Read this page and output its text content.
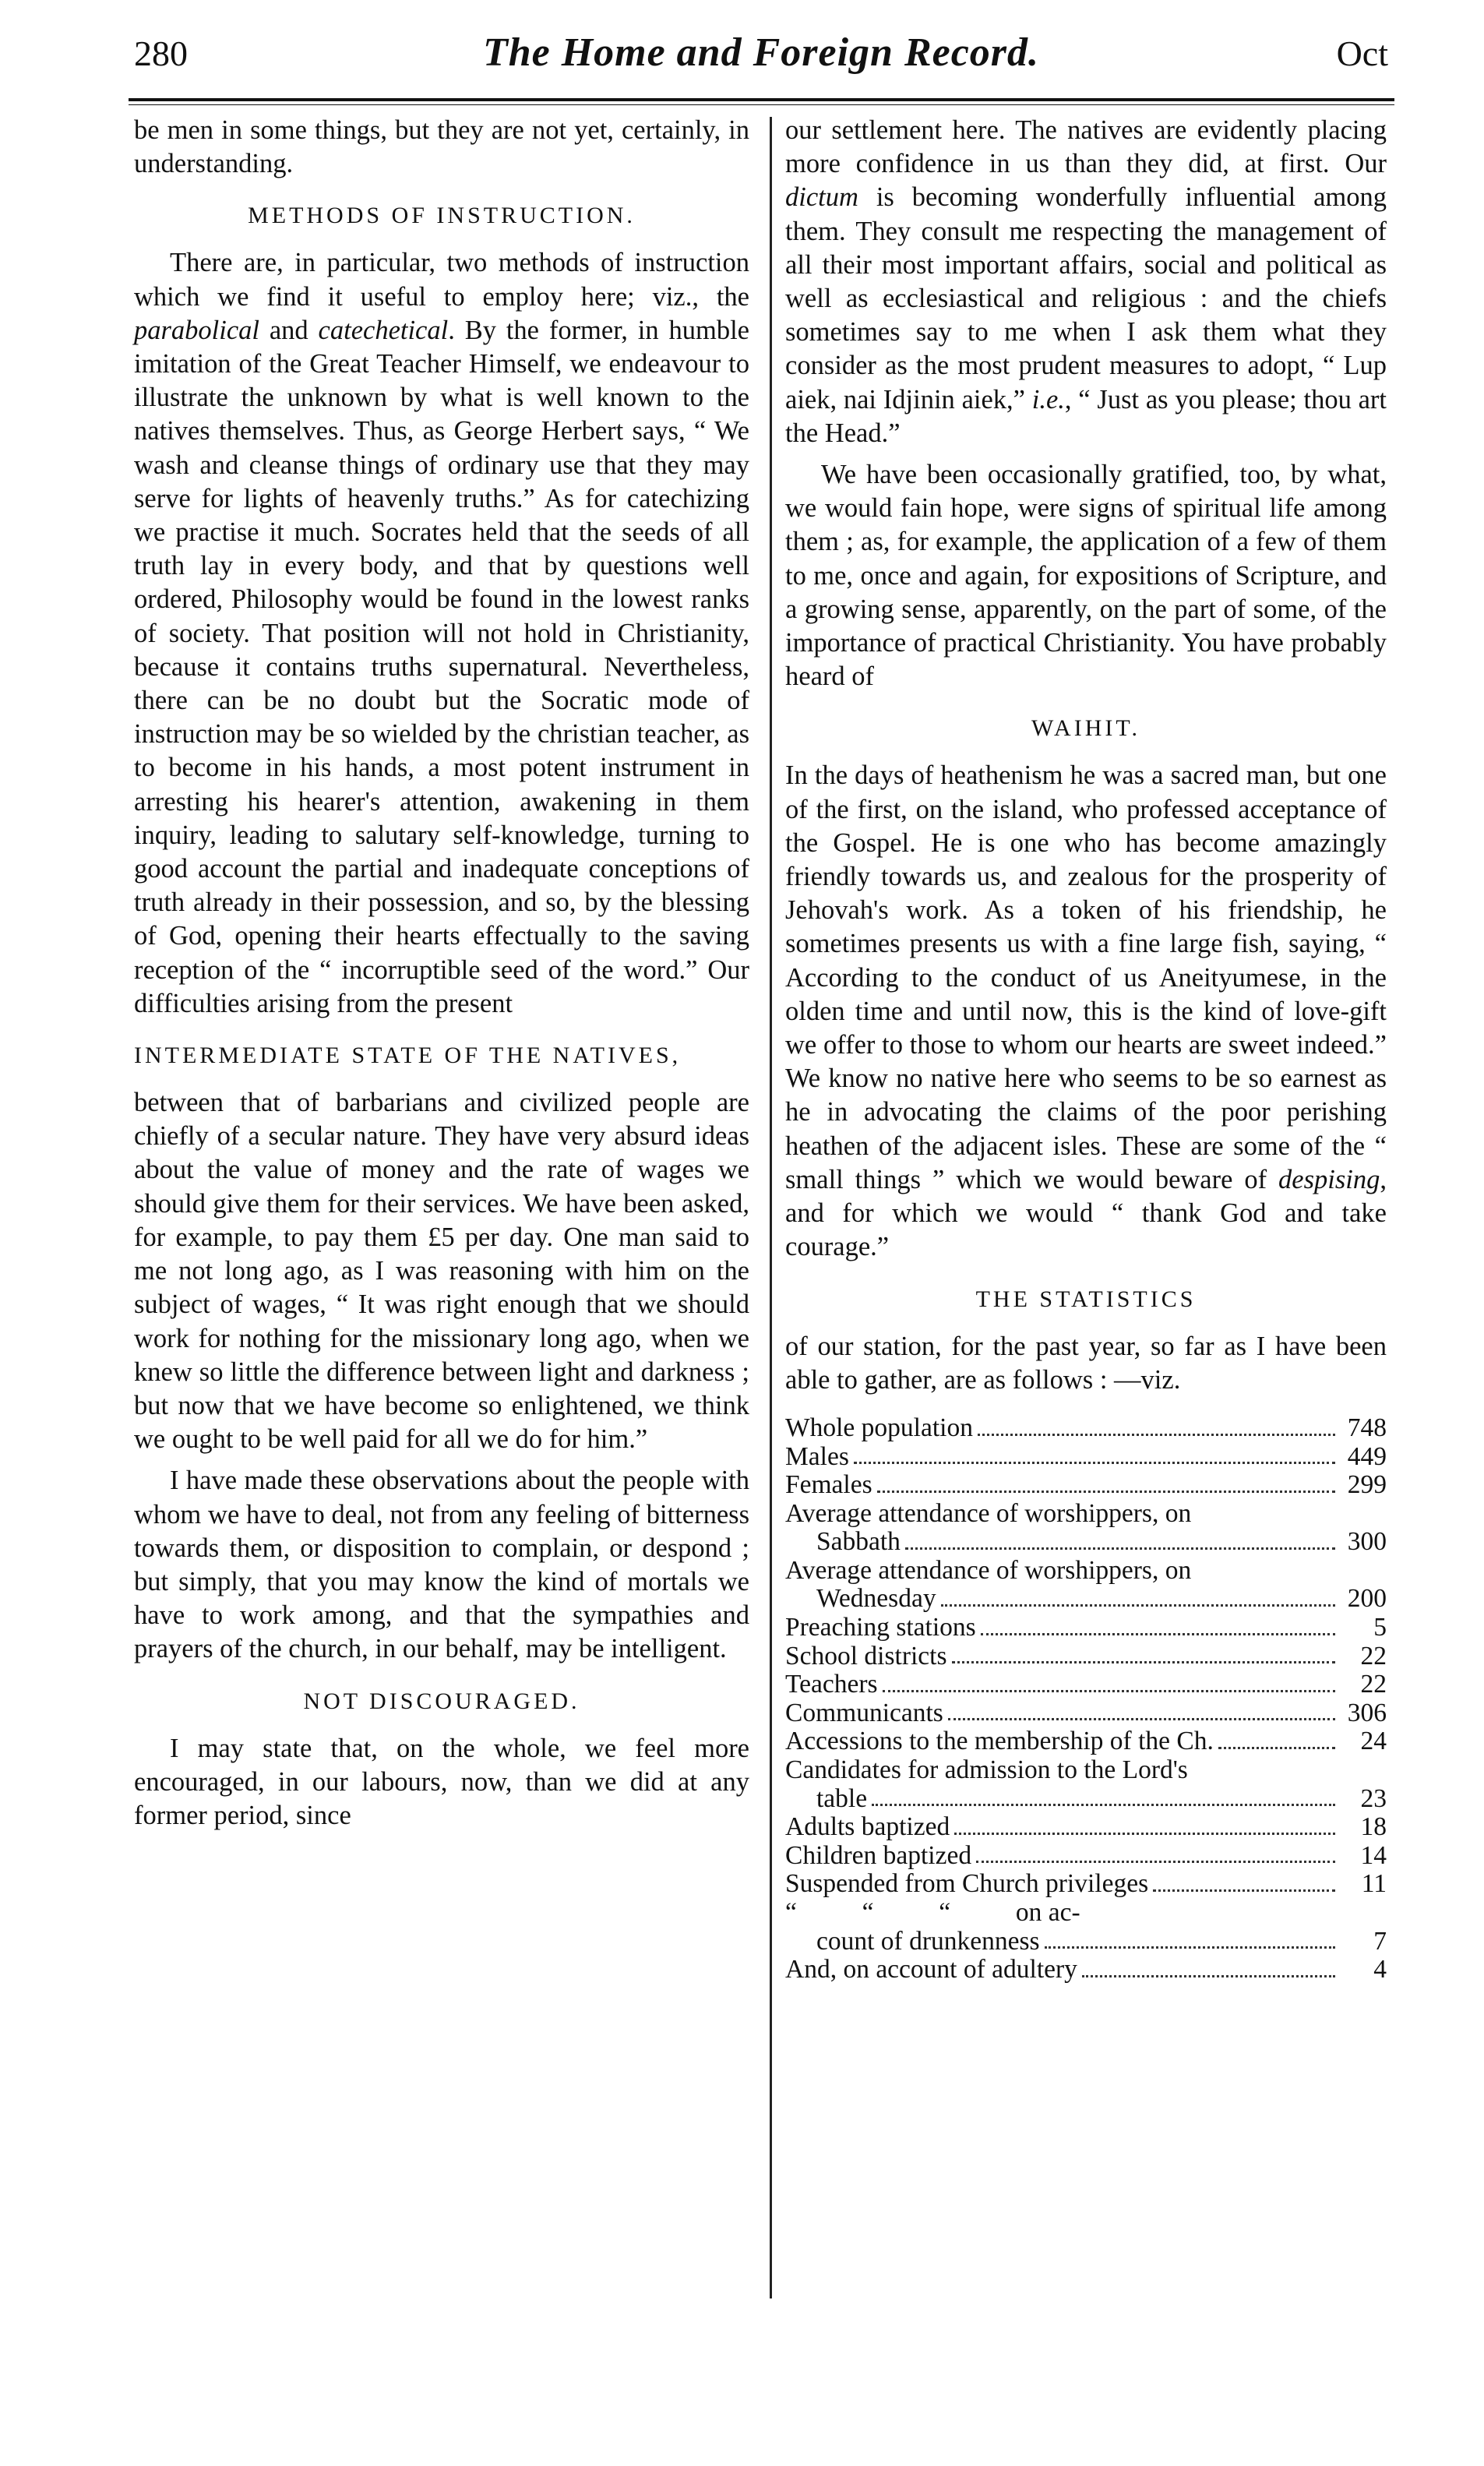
280	The Home and Foreign Record.	Oct

be men in some things, but they are not yet, certainly, in understanding.

METHODS OF INSTRUCTION.

There are, in particular, two methods of instruction which we find it useful to employ here; viz., the parabolical and catechetical. By the former, in humble imitation of the Great Teacher Himself, we endeavour to illustrate the unknown by what is well known to the natives themselves. Thus, as George Herbert says, “ We wash and cleanse things of ordinary use that they may serve for lights of heavenly truths.” As for catechizing we practise it much. Socrates held that the seeds of all truth lay in every body, and that by questions well ordered, Philosophy would be found in the lowest ranks of society. That position will not hold in Christianity, because it contains truths supernatural. Nevertheless, there can be no doubt but the Socratic mode of instruction may be so wielded by the christian teacher, as to become in his hands, a most potent instrument in arresting his hearer's attention, awakening in them inquiry, leading to salutary self-knowledge, turning to good account the partial and inadequate conceptions of truth already in their possession, and so, by the blessing of God, opening their hearts effectually to the saving reception of the “ incorruptible seed of the word.” Our difficulties arising from the present

INTERMEDIATE STATE OF THE NATIVES,

between that of barbarians and civilized people are chiefly of a secular nature. They have very absurd ideas about the value of money and the rate of wages we should give them for their services. We have been asked, for example, to pay them £5 per day. One man said to me not long ago, as I was reasoning with him on the subject of wages, “ It was right enough that we should work for nothing for the missionary long ago, when we knew so little the difference between light and darkness ; but now that we have become so enlightened, we think we ought to be well paid for all we do for him.”

I have made these observations about the people with whom we have to deal, not from any feeling of bitterness towards them, or disposition to complain, or despond ; but simply, that you may know the kind of mortals we have to work among, and that the sympathies and prayers of the church, in our behalf, may be intelligent.

NOT DISCOURAGED.

I may state that, on the whole, we feel more encouraged, in our labours, now, than we did at any former period, since

our settlement here. The natives are evidently placing more confidence in us than they did, at first. Our dictum is becoming wonderfully influential among them. They consult me respecting the management of all their most important affairs, social and political as well as ecclesiastical and religious : and the chiefs sometimes say to me when I ask them what they consider as the most prudent measures to adopt, “ Lup aiek, nai Idjinin aiek,” i.e., “ Just as you please; thou art the Head.”

We have been occasionally gratified, too, by what, we would fain hope, were signs of spiritual life among them ; as, for example, the application of a few of them to me, once and again, for expositions of Scripture, and a growing sense, apparently, on the part of some, of the importance of practical Christianity. You have probably heard of

WAIHIT.

In the days of heathenism he was a sacred man, but one of the first, on the island, who professed acceptance of the Gospel. He is one who has become amazingly friendly towards us, and zealous for the prosperity of Jehovah's work. As a token of his friendship, he sometimes presents us with a fine large fish, saying, “ According to the conduct of us Aneityumese, in the olden time and until now, this is the kind of love-gift we offer to those to whom our hearts are sweet indeed.” We know no native here who seems to be so earnest as he in advocating the claims of the poor perishing heathen of the adjacent isles. These are some of the “ small things ” which we would beware of despising, and for which we would “ thank God and take courage.”

THE STATISTICS

of our station, for the past year, so far as I have been able to gather, are as follows : —viz.

Whole population	748
Males	449
Females	299
Average attendance of worshippers, on
Sabbath	300
Average attendance of worshippers, on
Wednesday	200
Preaching stations	5
School districts	22
Teachers	22
Communicants	306
Accessions to the membership of the Ch.	24
Candidates for admission to the Lord's
table	23
Adults baptized	18
Children baptized	14
Suspended from Church privileges	11
“          “          “          on ac-
count of drunkenness	7
And, on account of adultery	4
